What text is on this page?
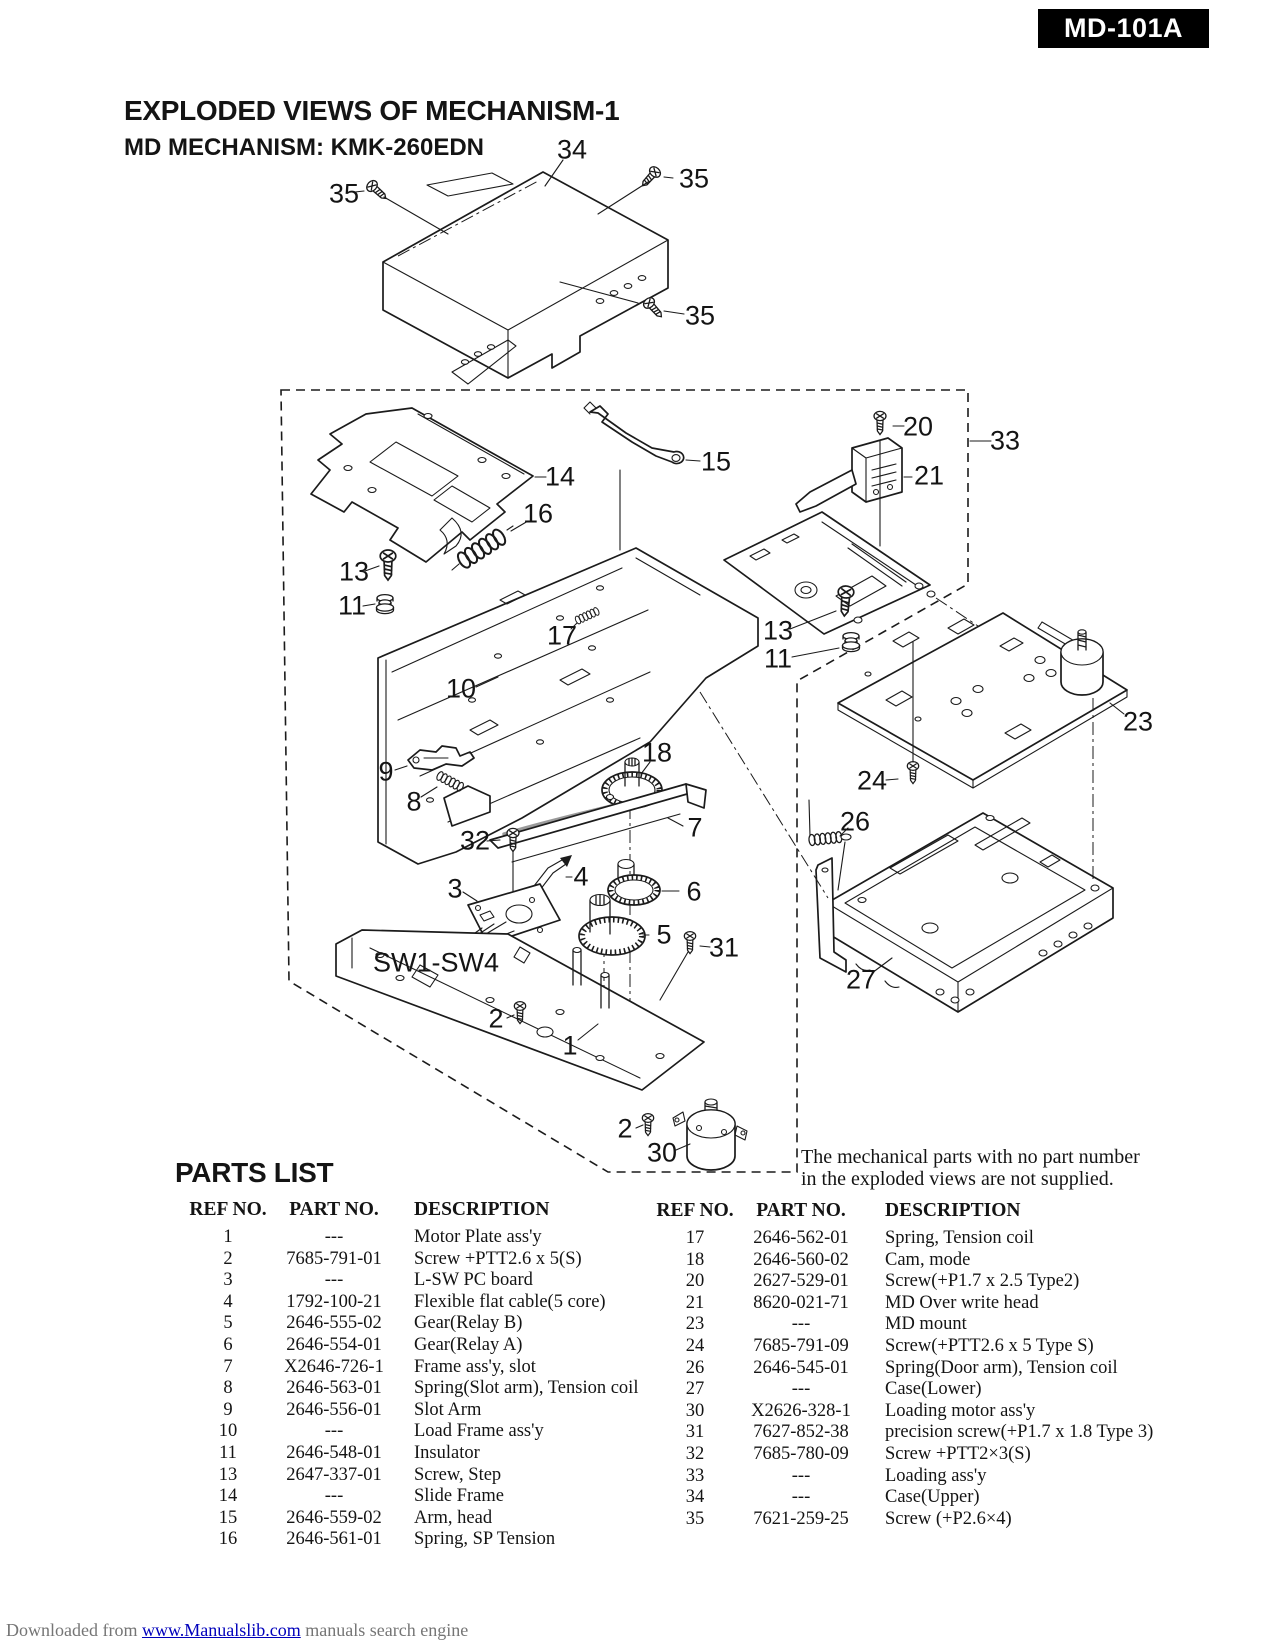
MD-101A
EXPLODED VIEWS OF MECHANISM-1
MD MECHANISM: KMK-260EDN	34
35	35
35
20 33
15
14	21
16
13
11
13
11
17
10
23
18
9	24
8
26
7
32
4
3	6
5 31
SW1-SW4
27
2
1
2
30	The mechanical parts with no part number
in the exploded views are not supplied.
PARTS LIST
REF NO.	PART NO.	DESCRIPTION
1	---	Motor Plate ass'y
2	7685-791-01	Screw +PTT2.6 x 5(S)
3	---	L-SW PC board
4	1792-100-21	Flexible flat cable(5 core)
5	2646-555-02	Gear(Relay B)
6	2646-554-01	Gear(Relay A)
7	X2646-726-1	Frame ass'y, slot
8	2646-563-01	Spring(Slot arm), Tension coil
9	2646-556-01	Slot Arm
10	---	Load Frame ass'y
11	2646-548-01	Insulator
13	2647-337-01	Screw, Step
14	---	Slide Frame
15	2646-559-02	Arm, head
16	2646-561-01	Spring, SP Tension
REF NO.	PART NO.	DESCRIPTION
17	2646-562-01	Spring, Tension coil
18	2646-560-02	Cam, mode
20	2627-529-01	Screw(+P1.7 x 2.5 Type2)
21	8620-021-71	MD Over write head
23	---	MD mount
24	7685-791-09	Screw(+PTT2.6 x 5 Type S)
26	2646-545-01	Spring(Door arm), Tension coil
27	---	Case(Lower)
30	X2626-328-1	Loading motor ass'y
31	7627-852-38	precision screw(+P1.7 x 1.8 Type 3)
32	7685-780-09	Screw +PTT2×3(S)
33	---	Loading ass'y
34	---	Case(Upper)
35	7621-259-25	Screw (+P2.6×4)
Downloaded from www.Manualslib.com manuals search engine
